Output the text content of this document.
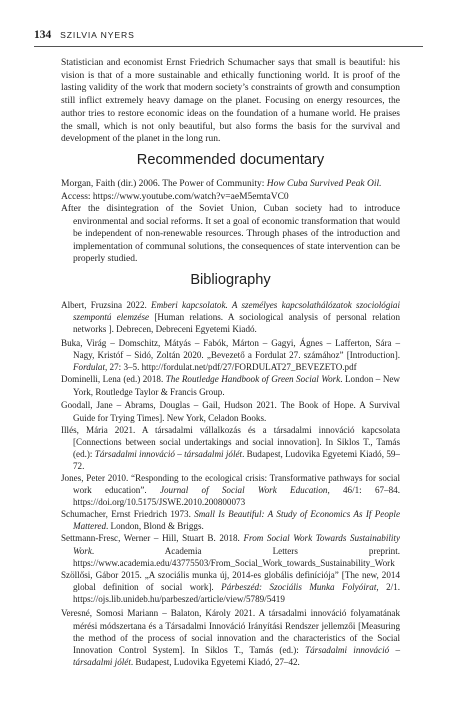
134 SZILVIA NYERS

Statistician and economist Ernst Friedrich Schumacher says that small is beautiful: his vision is that of a more sustainable and ethically functioning world. It is proof of the lasting validity of the work that modern society’s constraints of growth and consumption still inflict extremely heavy damage on the planet. Focusing on energy resources, the author tries to restore economic ideas on the foundation of a humane world. He praises the small, which is not only beautiful, but also forms the basis for the survival and development of the planet in the long run.

Recommended documentary

Morgan, Faith (dir.) 2006. The Power of Community: How Cuba Survived Peak Oil.

Access: https://www.youtube.com/watch?v=aeM5emtaVC0

After the disintegration of the Soviet Union, Cuban society had to introduce environmental and social reforms. It set a goal of economic transformation that would be independent of non-renewable resources. Through phases of the introduction and implementation of communal solutions, the consequences of state intervention can be properly studied.

Bibliography

Albert, Fruzsina 2022. Emberi kapcsolatok. A személyes kapcsolathálózatok szociológiai szempontú elemzése [Human relations. A sociological analysis of personal relation networks ]. Debrecen, Debreceni Egyetemi Kiadó.

Buka, Virág – Domschitz, Mátyás – Fabók, Márton – Gagyi, Ágnes – Lafferton, Sára – Nagy, Kristóf – Sidó, Zoltán 2020. „Bevezető a Fordulat 27. számához” [Introduction]. Fordulat, 27: 3–5. http://fordulat.net/pdf/27/FORDULAT27_BEVEZETO.pdf

Dominelli, Lena (ed.) 2018. The Routledge Handbook of Green Social Work. London – New York, Routledge Taylor & Francis Group.

Goodall, Jane – Abrams, Douglas – Gail, Hudson 2021. The Book of Hope. A Survival Guide for Trying Times]. New York, Celadon Books.

Illés, Mária 2021. A társadalmi vállalkozás és a társadalmi innováció kapcsolata [Connections between social undertakings and social innovation]. In Siklos T., Tamás (ed.): Társadalmi innováció – társadalmi jólét. Budapest, Ludovika Egyetemi Kiadó, 59–72.

Jones, Peter 2010. “Responding to the ecological crisis: Transformative pathways for social work education”. Journal of Social Work Education, 46/1: 67–84. https://doi.org/10.5175/JSWE.2010.200800073

Schumacher, Ernst Friedrich 1973. Small Is Beautiful: A Study of Economics As If People Mattered. London, Blond & Briggs.

Settmann-Fresc, Werner – Hill, Stuart B. 2018. From Social Work Towards Sustainability Work. Academia Letters preprint. https://www.academia.edu/43775503/From_Social_Work_towards_Sustainability_Work

Szöllősi, Gábor 2015. „A szociális munka új, 2014-es globális definíciója” [The new, 2014 global definition of social work]. Párbeszéd: Szociális Munka Folyóirat, 2/1. https://ojs.lib.unideb.hu/parbeszed/article/view/5789/5419

Veresné, Somosi Mariann – Balaton, Károly 2021. A társadalmi innováció folyamatának mérési módszertana és a Társadalmi Innováció Irányítási Rendszer jellemzői [Measuring the method of the process of social innovation and the characteristics of the Social Innovation Control System]. In Siklos T., Tamás (ed.): Társadalmi innováció – társadalmi jólét. Budapest, Ludovika Egyetemi Kiadó, 27–42.
